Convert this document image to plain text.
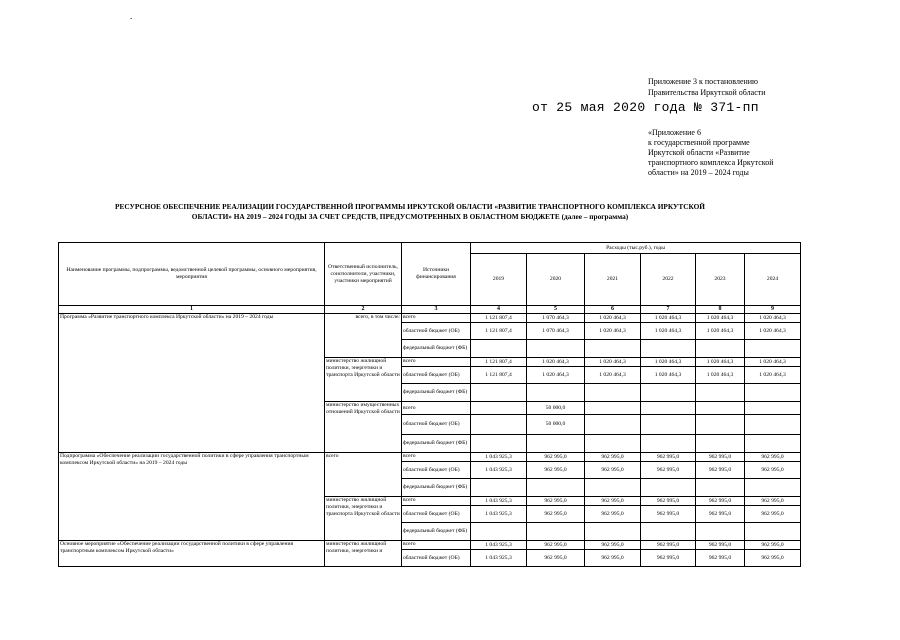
.
Приложение 3 к постановлению
Правительства Иркутской области
от 25 мая 2020 года № 371-пп
«Приложение 6
к государственной программе
Иркутской области «Развитие
транспортного комплекса Иркутской
области» на 2019 – 2024 годы
РЕСУРСНОЕ ОБЕСПЕЧЕНИЕ РЕАЛИЗАЦИИ ГОСУДАРСТВЕННОЙ ПРОГРАММЫ ИРКУТСКОЙ ОБЛАСТИ «РАЗВИТИЕ ТРАНСПОРТНОГО КОМПЛЕКСА ИРКУТСКОЙ
ОБЛАСТИ» НА 2019 – 2024 ГОДЫ ЗА СЧЕТ СРЕДСТВ, ПРЕДУСМОТРЕННЫХ В ОБЛАСТНОМ БЮДЖЕТЕ (далее – программа)
Наименование программы, подпрограммы, ведомственной целевой программы, основного мероприятия, мероприятия	Ответственный исполнитель, соисполнители, участники, участники мероприятий	Источники финансирования	Расходы (тыс.руб.), годы					
			2019	2020	2021	2022	2023	2024
1	2	3	4	5	6	7	8	9
Программа «Развитие транспортного комплекса Иркутской области» на 2019 – 2024 годы	всего, в том числе:	всего	1 121 807,4	1 070 464,3	1 020 464,3	1 020 464,3	1 020 464,3	1 020 464,3
		областной бюджет (ОБ)	1 121 807,4	1 070 464,3	1 020 464,3	1 020 464,3	1 020 464,3	1 020 464,3
		федеральный бюджет (ФБ)						
	министерство жилищной политики, энергетики и транспорта Иркутской области	всего	1 121 807,4	1 020 464,3	1 020 464,3	1 020 464,3	1 020 464,3	1 020 464,3
		областной бюджет (ОБ)	1 121 807,4	1 020 464,3	1 020 464,3	1 020 464,3	1 020 464,3	1 020 464,3
		федеральный бюджет (ФБ)						
	министерство имущественных отношений Иркутской области	всего		50 000,0				
		областной бюджет (ОБ)		50 000,0				
		федеральный бюджет (ФБ)						
Подпрограмма «Обеспечение реализации государственной политики в сфере управления транспортным комплексом Иркутской области» на 2019 – 2024 годы	всего	всего	1 043 925,3	962 995,0	962 995,0	962 995,0	962 995,0	962 995,0
		областной бюджет (ОБ)	1 043 925,3	962 995,0	962 995,0	962 995,0	962 995,0	962 995,0
		федеральный бюджет (ФБ)						
	министерство жилищной политики, энергетики и транспорта Иркутской области	всего	1 043 925,3	962 995,0	962 995,0	962 995,0	962 995,0	962 995,0
		областной бюджет (ОБ)	1 043 925,3	962 995,0	962 995,0	962 995,0	962 995,0	962 995,0
		федеральный бюджет (ФБ)						
Основное мероприятие «Обеспечение реализации государственной политики в сфере управления транспортным комплексом Иркутской области»	министерство жилищной политики, энергетики и	всего	1 043 925,3	962 995,0	962 995,0	962 995,0	962 995,0	962 995,0
		областной бюджет (ОБ)	1 043 925,3	962 995,0	962 995,0	962 995,0	962 995,0	962 995,0
